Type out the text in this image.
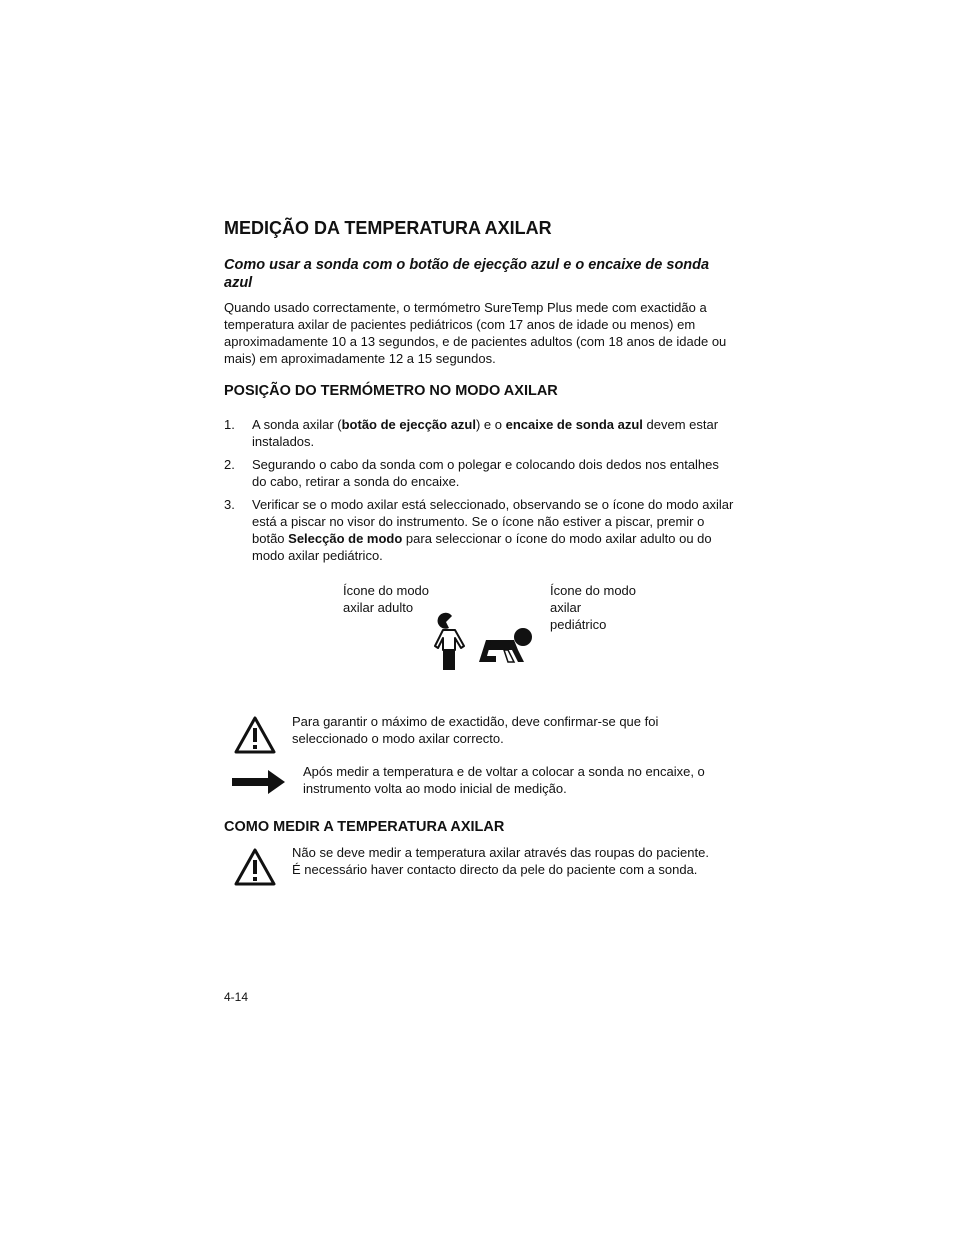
MEDIÇÃO DA TEMPERATURA AXILAR
Como usar a sonda com o botão de ejecção azul e o encaixe de sonda azul
Quando usado correctamente, o termómetro SureTemp Plus mede com exactidão a temperatura axilar de pacientes pediátricos (com 17 anos de idade ou menos) em aproximadamente 10 a 13 segundos, e de pacientes adultos (com 18 anos de idade ou mais) em aproximadamente 12 a 15 segundos.
POSIÇÃO DO TERMÓMETRO NO MODO AXILAR
1. A sonda axilar (botão de ejecção azul) e o encaixe de sonda azul devem estar instalados.
2. Segurando o cabo da sonda com o polegar e colocando dois dedos nos entalhes do cabo, retirar a sonda do encaixe.
3. Verificar se o modo axilar está seleccionado, observando se o ícone do modo axilar está a piscar no visor do instrumento. Se o ícone não estiver a piscar, premir o botão Selecção de modo para seleccionar o ícone do modo axilar adulto ou do modo axilar pediátrico.
Ícone do modo axilar adulto
Ícone do modo axilar pediátrico
Para garantir o máximo de exactidão, deve confirmar-se que foi seleccionado o modo axilar correcto.
Após medir a temperatura e de voltar a colocar a sonda no encaixe, o instrumento volta ao modo inicial de medição.
COMO MEDIR A TEMPERATURA AXILAR
Não se deve medir a temperatura axilar através das roupas do paciente. É necessário haver contacto directo da pele do paciente com a sonda.
4-14
